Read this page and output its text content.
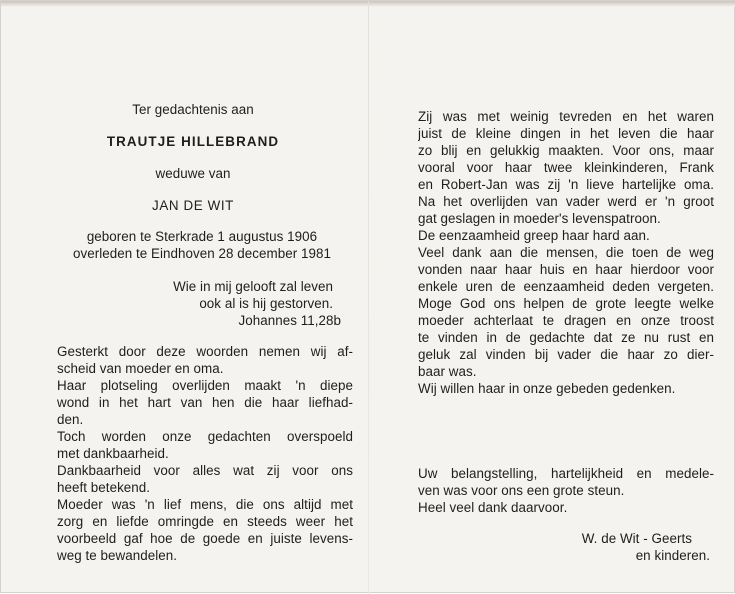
Ter gedachtenis aan
TRAUTJE HILLEBRAND
weduwe van
JAN DE WIT
geboren te Sterkrade 1 augustus 1906
overleden te Eindhoven 28 december 1981
Wie in mij gelooft zal leven
ook al is hij gestorven.
Johannes 11,28b
Gesterkt door deze woorden nemen wij af-
scheid van moeder en oma.
Haar plotseling overlijden maakt 'n diepe
wond in het hart van hen die haar liefhad-
den.
Toch worden onze gedachten overspoeld
met dankbaarheid.
Dankbaarheid voor alles wat zij voor ons
heeft betekend.
Moeder was 'n lief mens, die ons altijd met
zorg en liefde omringde en steeds weer het
voorbeeld gaf hoe de goede en juiste levens-
weg te bewandelen.
Zij was met weinig tevreden en het waren
juist de kleine dingen in het leven die haar
zo blij en gelukkig maakten. Voor ons, maar
vooral voor haar twee kleinkinderen, Frank
en Robert-Jan was zij 'n lieve hartelijke oma.
Na het overlijden van vader werd er 'n groot
gat geslagen in moeder's levenspatroon.
De eenzaamheid greep haar hard aan.
Veel dank aan die mensen, die toen de weg
vonden naar haar huis en haar hierdoor voor
enkele uren de eenzaamheid deden vergeten.
Moge God ons helpen de grote leegte welke
moeder achterlaat te dragen en onze troost
te vinden in de gedachte dat ze nu rust en
geluk zal vinden bij vader die haar zo dier-
baar was.
Wij willen haar in onze gebeden gedenken.
Uw belangstelling, hartelijkheid en medele-
ven was voor ons een grote steun.
Heel veel dank daarvoor.
W. de Wit - Geerts
en kinderen.
